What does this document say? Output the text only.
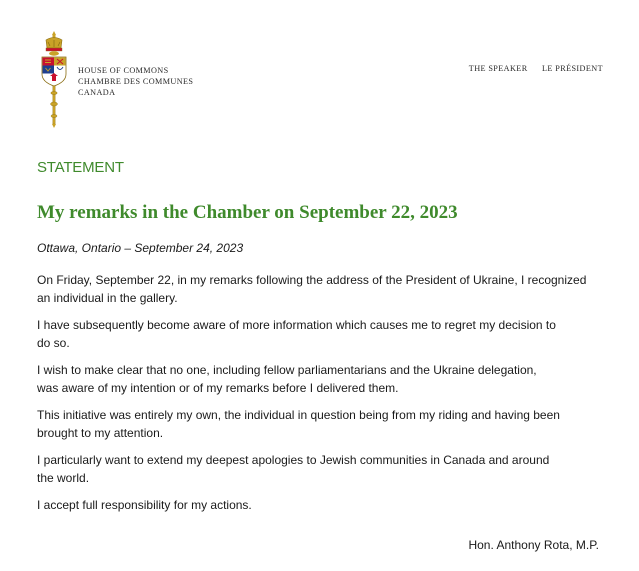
HOUSE OF COMMONS
CHAMBRE DES COMMUNES
CANADA
THE SPEAKER LE PRÉSIDENT
STATEMENT
My remarks in the Chamber on September 22, 2023
Ottawa, Ontario – September 24, 2023

On Friday, September 22, in my remarks following the address of the President of Ukraine, I recognized an individual in the gallery.

I have subsequently become aware of more information which causes me to regret my decision to do so.

I wish to make clear that no one, including fellow parliamentarians and the Ukraine delegation, was aware of my intention or of my remarks before I delivered them.

This initiative was entirely my own, the individual in question being from my riding and having been brought to my attention.

I particularly want to extend my deepest apologies to Jewish communities in Canada and around the world.

I accept full responsibility for my actions.

Hon. Anthony Rota, M.P.
